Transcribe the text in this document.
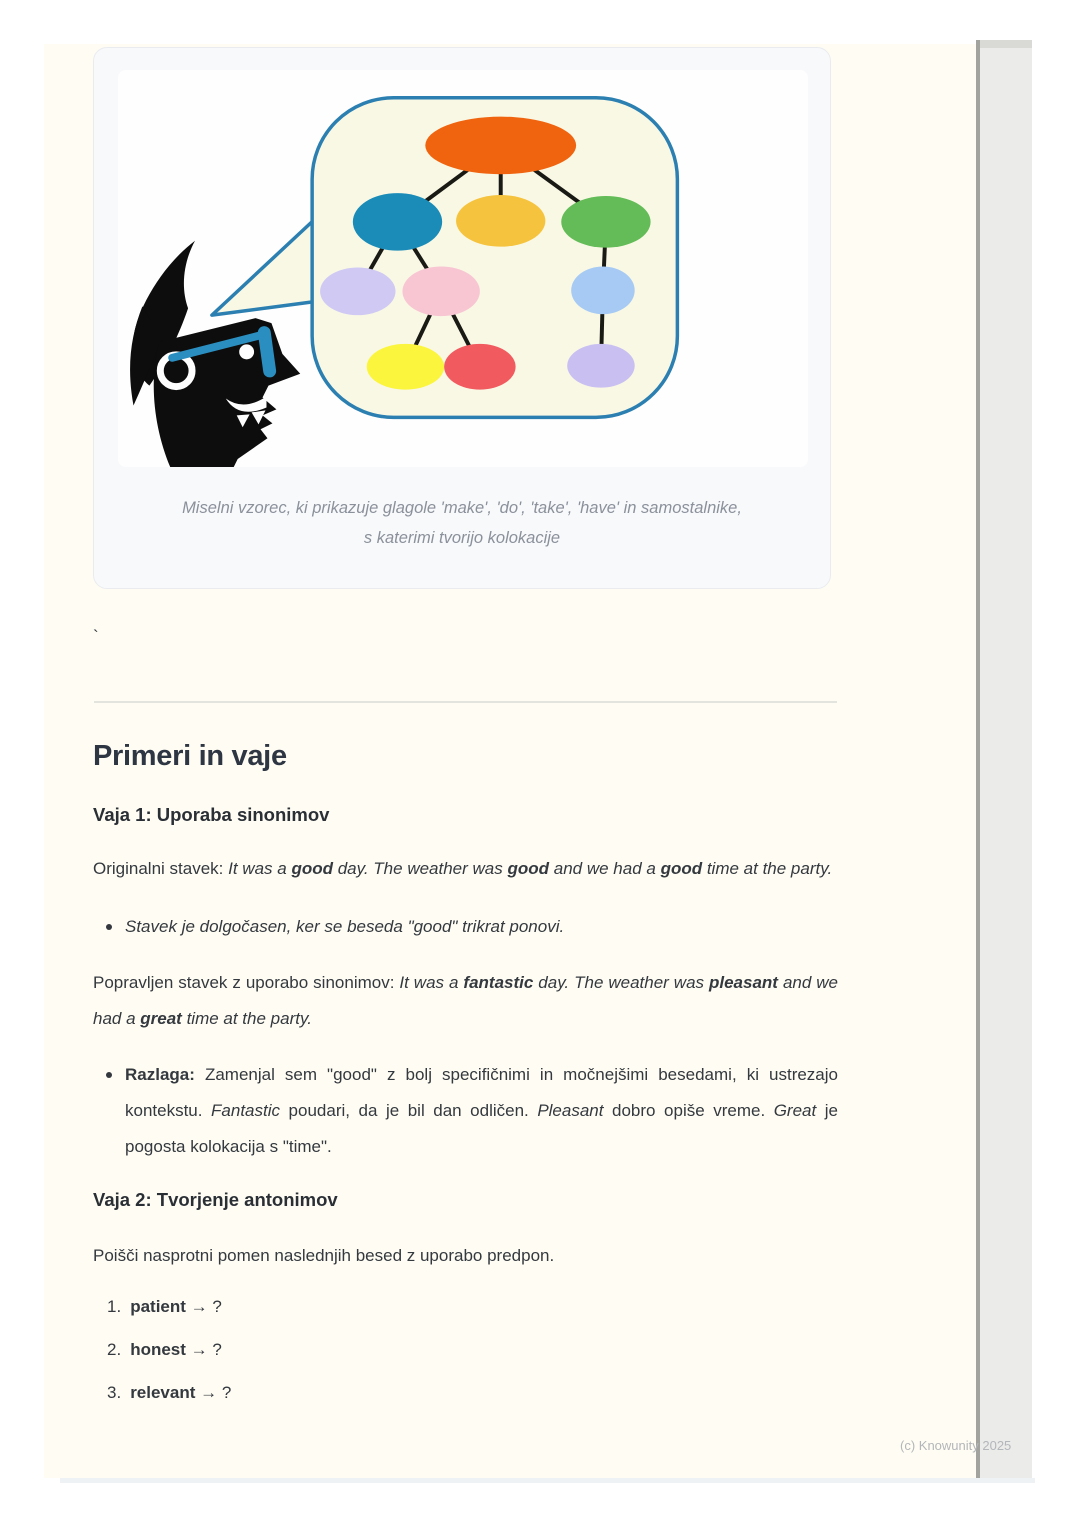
Miselni vzorec, ki prikazuje glagole 'make', 'do', 'take', 'have' in samostalnike,
s katerimi tvorijo kolokacije
`
Primeri in vaje
Vaja 1: Uporaba sinonimov

Originalni stavek: It was a good day. The weather was good and we had a good time at the party.

Stavek je dolgočasen, ker se beseda "good" trikrat ponovi.

Popravljen stavek z uporabo sinonimov: It was a fantastic day. The weather was pleasant and we had a great time at the party.

Razlaga: Zamenjal sem "good" z bolj specifičnimi in močnejšimi besedami, ki ustrezajo kontekstu. Fantastic poudari, da je bil dan odličen. Pleasant dobro opiše vreme. Great je pogosta kolokacija s "time".
Vaja 2: Tvorjenje antonimov

Poišči nasprotni pomen naslednjih besed z uporabo predpon.

1. patient → ?
2. honest → ?
3. relevant → ?
(c) Knowunity 2025
